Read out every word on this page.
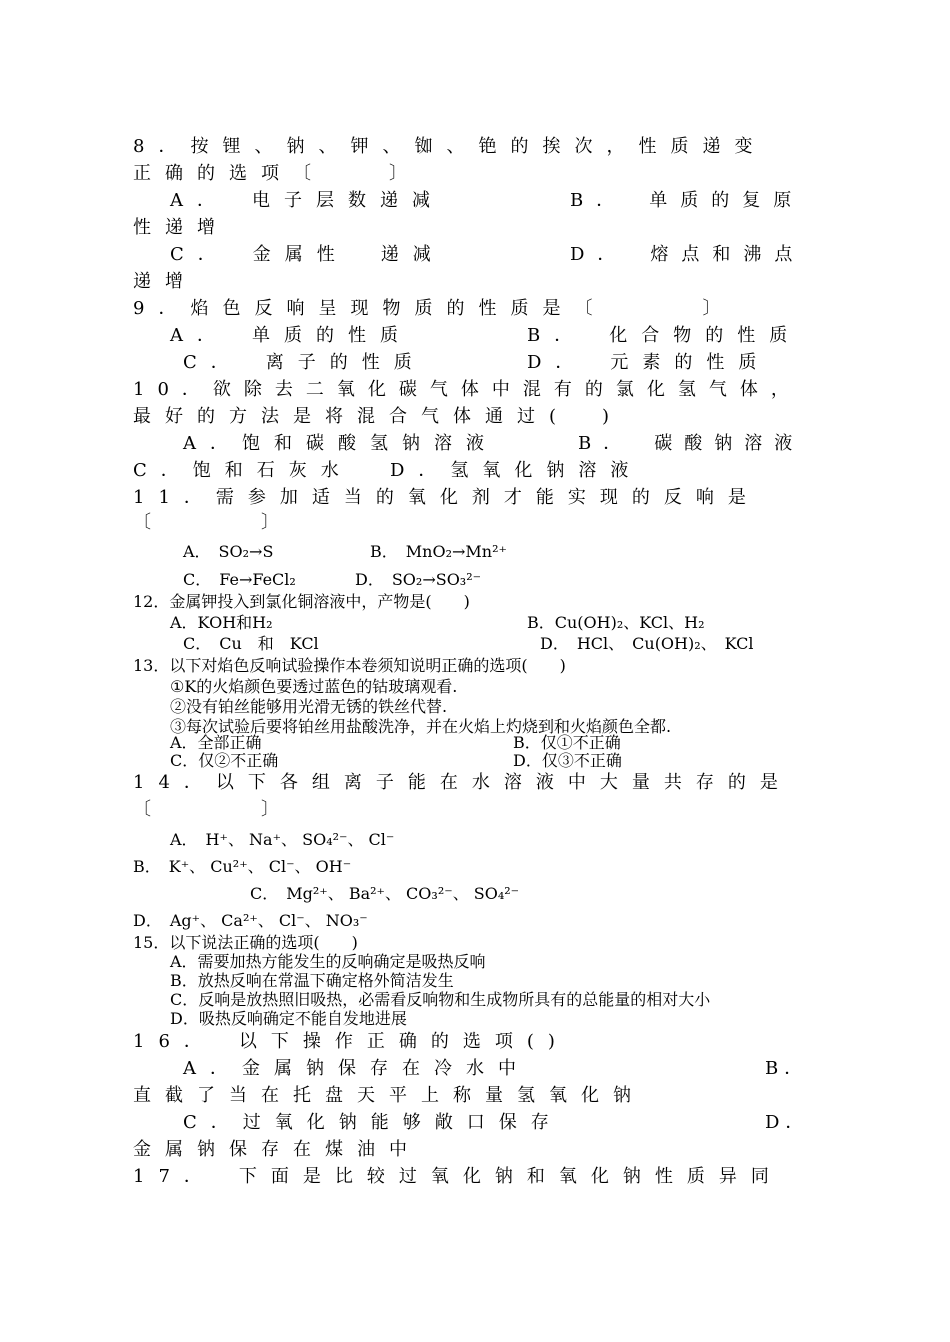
8．按锂、钠、钾、铷、铯的挨次，性质递变
正确的选项〔　　〕
A．　电子层数递减	B．　单质的复原
性递增
C．　金属性　递减	D．　熔点和沸点
递增
9．焰色反响呈现物质的性质是〔　　　〕
A．　单质的性质	B．　化合物的性质
C．　离子的性质	D．　元素的性质
10．欲除去二氧化碳气体中混有的氯化氢气体，
最好的方法是将混合气体通过(　)
A．饱和碳酸氢钠溶液	B．　碳酸钠溶液
C．饱和石灰水 D．氢氧化钠溶液
11．需参加适当的氧化剂才能实现的反响是
〔　　　〕
A．　SO₂→S	B．　MnO₂→Mn²⁺
C．　Fe→FeCl₂	D．　SO₂→SO₃²⁻
12．金属钾投入到氯化铜溶液中，产物是(　　)
A．KOH和H₂	B．Cu(OH)₂、KCl、H₂
C．　Cu　和　KCl	D．　HCl、　Cu(OH)₂、　KCl
13．以下对焰色反响试验操作本卷须知说明正确的选项(　　)
①K的火焰颜色要透过蓝色的钴玻璃观看.
②没有铂丝能够用光滑无锈的铁丝代替.
③每次试验后要将铂丝用盐酸洗净，并在火焰上灼烧到和火焰颜色全都.
A．全部正确	B．仅①不正确
C．仅②不正确	D．仅③不正确
14．以下各组离子能在水溶液中大量共存的是
〔　　　〕
A．　H⁺、 Na⁺、 SO₄²⁻、 Cl⁻
B．　K⁺、 Cu²⁺、 Cl⁻、 OH⁻
C．　Mg²⁺、 Ba²⁺、 CO₃²⁻、 SO₄²⁻
D．　Ag⁺、 Ca²⁺、 Cl⁻、 NO₃⁻
15．以下说法正确的选项(　　)
A．需要加热方能发生的反响确定是吸热反响
B．放热反响在常温下确定格外简洁发生
C．反响是放热照旧吸热，必需看反响物和生成物所具有的总能量的相对大小
D．吸热反响确定不能自发地进展
16．　以下操作正确的选项()
A．金属钠保存在冷水中	B．
直截了当在托盘天平上称量氢氧化钠
C．过氧化钠能够敞口保存	D．
金属钠保存在煤油中
17．　下面是比较过氧化钠和氧化钠性质异同
